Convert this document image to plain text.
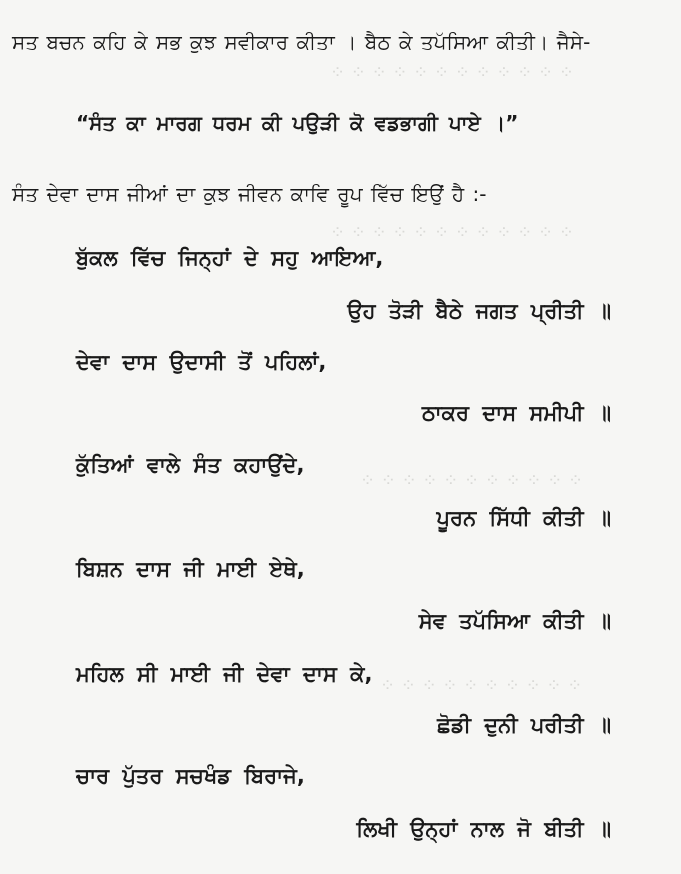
⁘ ⁘ ⁘ ⁘ ⁘ ⁘ ⁘ ⁘ ⁘ ⁘ ⁘ ⁘
⁘ ⁘ ⁘ ⁘ ⁘ ⁘ ⁘ ⁘ ⁘ ⁘ ⁘ ⁘
⁘ ⁘ ⁘ ⁘ ⁘ ⁘ ⁘ ⁘ ⁘ ⁘ ⁘
⁘ ⁘ ⁘ ⁘ ⁘ ⁘ ⁘ ⁘ ⁘ ⁘
ਸਤ ਬਚਨ ਕਹਿ ਕੇ ਸਭ ਕੁਝ ਸਵੀਕਾਰ ਕੀਤਾ । ਬੈਠ ਕੇ ਤਪੱਸਿਆ ਕੀਤੀ। ਜੈਸੇ-
“ਸੰਤ ਕਾ ਮਾਰਗ ਧਰਮ ਕੀ ਪਉੜੀ ਕੋ ਵਡਭਾਗੀ ਪਾਏ ।”
ਸੰਤ ਦੇਵਾ ਦਾਸ ਜੀਆਂ ਦਾ ਕੁਝ ਜੀਵਨ ਕਾਵਿ ਰੂਪ ਵਿੱਚ ਇਉਂ ਹੈ :-
ਬੁੱਕਲ ਵਿੱਚ ਜਿਨ੍ਹਾਂ ਦੇ ਸਹੁ ਆਇਆ,
ਉਹ ਤੋੜੀ ਬੈਠੇ ਜਗਤ ਪ੍ਰੀਤੀ ॥
ਦੇਵਾ ਦਾਸ ਉਦਾਸੀ ਤੋਂ ਪਹਿਲਾਂ,
ਠਾਕਰ ਦਾਸ ਸਮੀਪੀ ॥
ਕੁੱਤਿਆਂ ਵਾਲੇ ਸੰਤ ਕਹਾਉਂਦੇ,
ਪੂਰਨ ਸਿੱਧੀ ਕੀਤੀ ॥
ਬਿਸ਼ਨ ਦਾਸ ਜੀ ਮਾਈ ਏਥੇ,
ਸੇਵ ਤਪੱਸਿਆ ਕੀਤੀ ॥
ਮਹਿਲ ਸੀ ਮਾਈ ਜੀ ਦੇਵਾ ਦਾਸ ਕੇ,
ਛੋਡੀ ਦੁਨੀ ਪਰੀਤੀ ॥
ਚਾਰ ਪੁੱਤਰ ਸਚਖੰਡ ਬਿਰਾਜੇ,
ਲਿਖੀ ਉਨ੍ਹਾਂ ਨਾਲ ਜੋ ਬੀਤੀ ॥
